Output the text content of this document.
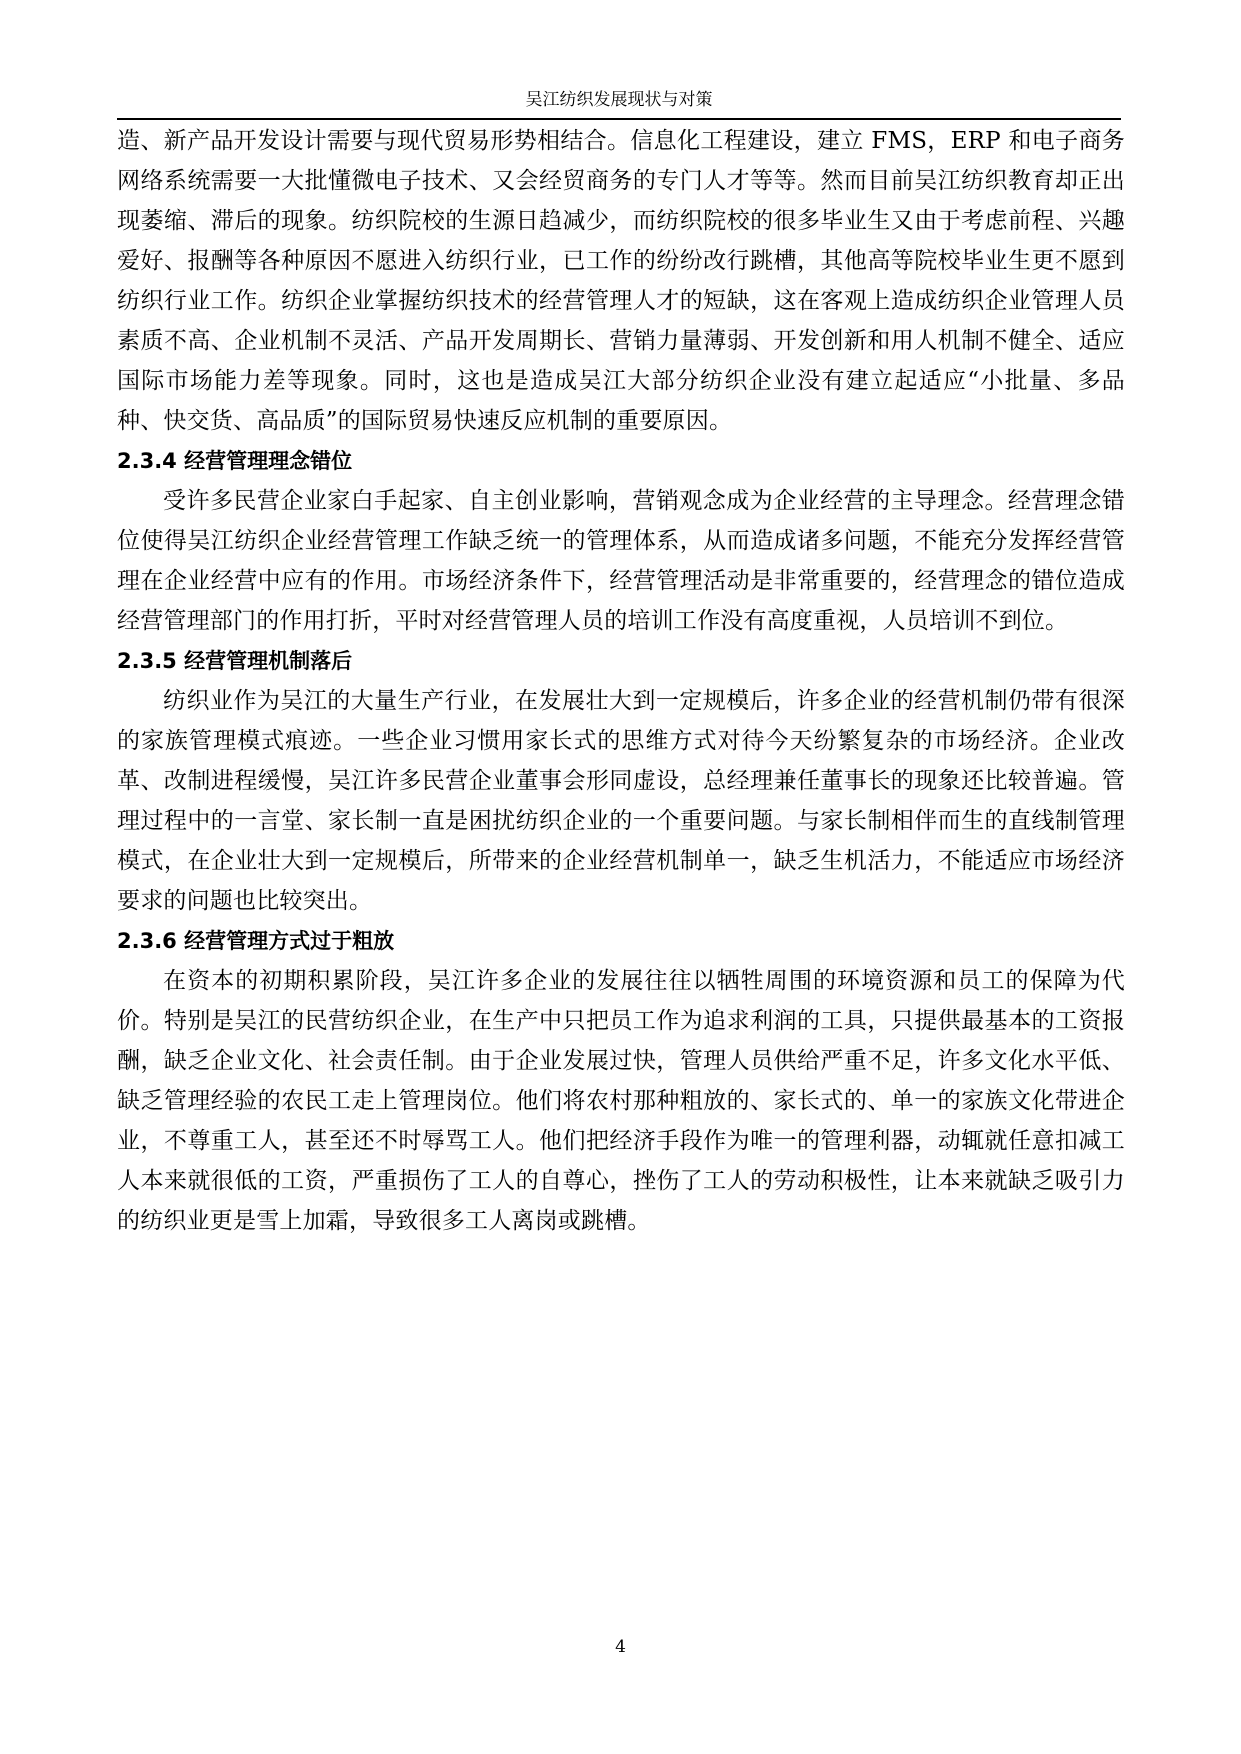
吴江纺织发展现状与对策

造、新产品开发设计需要与现代贸易形势相结合。信息化工程建设，建立 FMS，ERP 和电子商务网络系统需要一大批懂微电子技术、又会经贸商务的专门人才等等。然而目前吴江纺织教育却正出现萎缩、滞后的现象。纺织院校的生源日趋减少，而纺织院校的很多毕业生又由于考虑前程、兴趣爱好、报酬等各种原因不愿进入纺织行业，已工作的纷纷改行跳槽，其他高等院校毕业生更不愿到纺织行业工作。纺织企业掌握纺织技术的经营管理人才的短缺，这在客观上造成纺织企业管理人员素质不高、企业机制不灵活、产品开发周期长、营销力量薄弱、开发创新和用人机制不健全、适应国际市场能力差等现象。同时，这也是造成吴江大部分纺织企业没有建立起适应“小批量、多品种、快交货、高品质”的国际贸易快速反应机制的重要原因。

2.3.4 经营管理理念错位

受许多民营企业家白手起家、自主创业影响，营销观念成为企业经营的主导理念。经营理念错位使得吴江纺织企业经营管理工作缺乏统一的管理体系，从而造成诸多问题，不能充分发挥经营管理在企业经营中应有的作用。市场经济条件下，经营管理活动是非常重要的，经营理念的错位造成经营管理部门的作用打折，平时对经营管理人员的培训工作没有高度重视，人员培训不到位。

2.3.5 经营管理机制落后

纺织业作为吴江的大量生产行业，在发展壮大到一定规模后，许多企业的经营机制仍带有很深的家族管理模式痕迹。一些企业习惯用家长式的思维方式对待今天纷繁复杂的市场经济。企业改革、改制进程缓慢，吴江许多民营企业董事会形同虚设，总经理兼任董事长的现象还比较普遍。管理过程中的一言堂、家长制一直是困扰纺织企业的一个重要问题。与家长制相伴而生的直线制管理模式，在企业壮大到一定规模后，所带来的企业经营机制单一，缺乏生机活力，不能适应市场经济要求的问题也比较突出。

2.3.6 经营管理方式过于粗放

在资本的初期积累阶段，吴江许多企业的发展往往以牺牲周围的环境资源和员工的保障为代价。特别是吴江的民营纺织企业，在生产中只把员工作为追求利润的工具，只提供最基本的工资报酬，缺乏企业文化、社会责任制。由于企业发展过快，管理人员供给严重不足，许多文化水平低、缺乏管理经验的农民工走上管理岗位。他们将农村那种粗放的、家长式的、单一的家族文化带进企业，不尊重工人，甚至还不时辱骂工人。他们把经济手段作为唯一的管理利器，动辄就任意扣减工人本来就很低的工资，严重损伤了工人的自尊心，挫伤了工人的劳动积极性，让本来就缺乏吸引力的纺织业更是雪上加霜，导致很多工人离岗或跳槽。

4
